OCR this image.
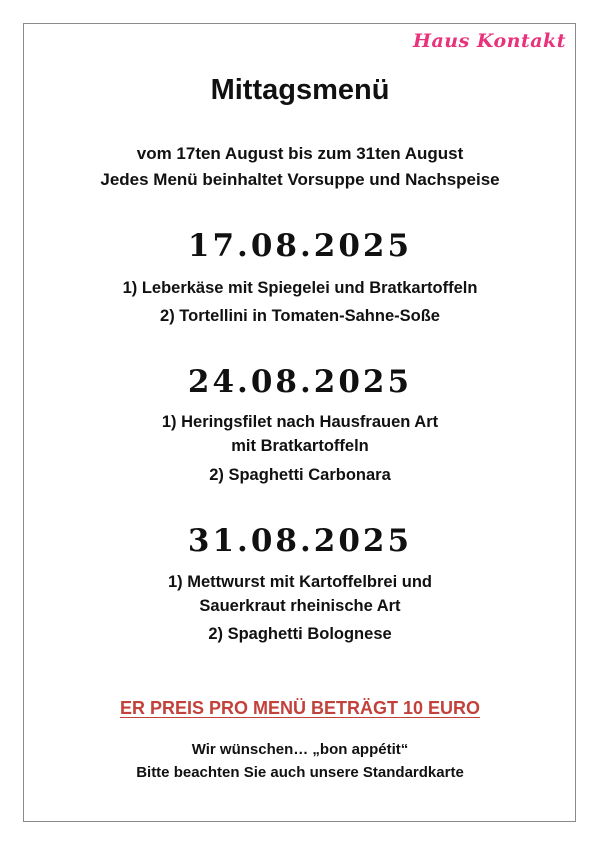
Haus Kontakt
Mittagsmenü
vom 17ten August bis zum 31ten August
Jedes Menü beinhaltet Vorsuppe und Nachspeise
17.08.2025
1) Leberkäse mit Spiegelei und Bratkartoffeln
2) Tortellini in Tomaten-Sahne-Soße
24.08.2025
1) Heringsfilet nach Hausfrauen Art
mit Bratkartoffeln
2) Spaghetti Carbonara
31.08.2025
1) Mettwurst mit Kartoffelbrei und
Sauerkraut rheinische Art
2) Spaghetti Bolognese
ER PREIS PRO MENÜ BETRÄGT 10 EURO
Wir wünschen… „bon appétit“
Bitte beachten Sie auch unsere Standardkarte
